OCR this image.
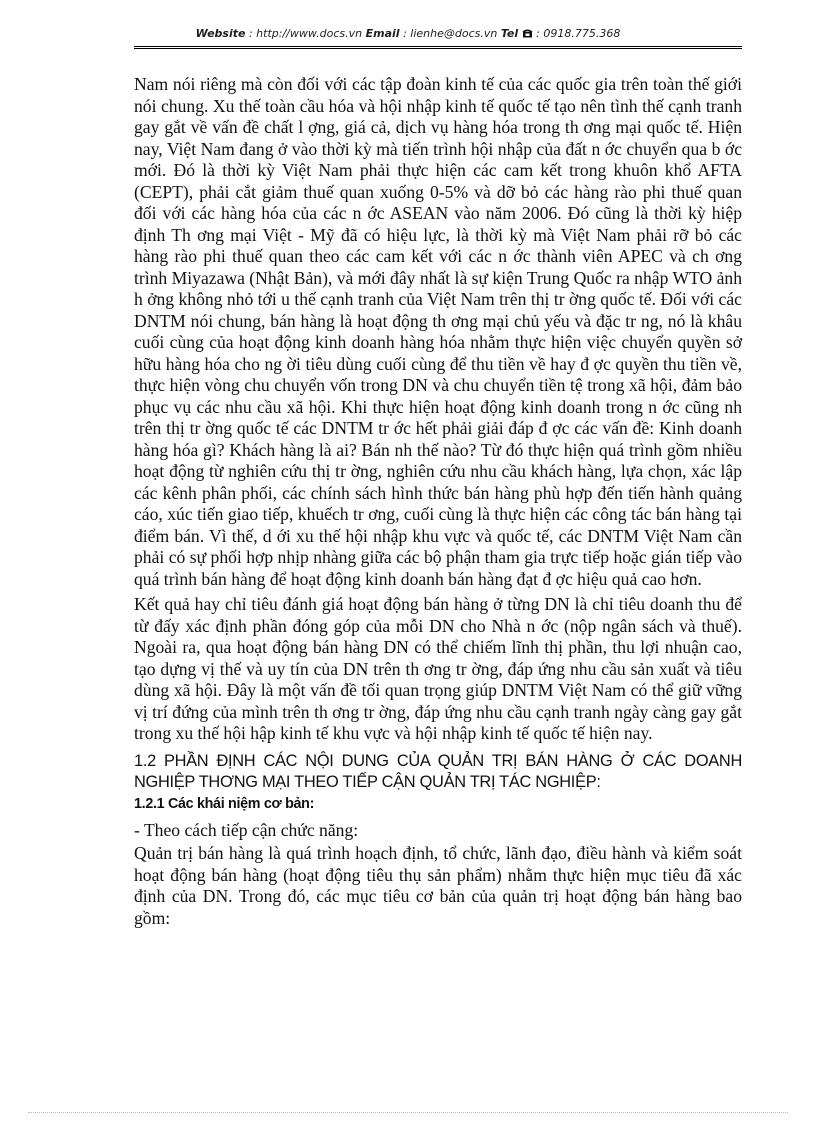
Website : http://www.docs.vn Email : lienhe@docs.vn Tel : 0918.775.368

Nam nói riêng mà còn đối với các tập đoàn kinh tế của các quốc gia trên toàn thế giới nói chung. Xu thế toàn cầu hóa và hội nhập kinh tế quốc tế tạo nên tình thế cạnh tranh gay gắt về vấn đề chất l ợng, giá cả, dịch vụ hàng hóa trong th ơng mại quốc tế. Hiện nay, Việt Nam đang ở vào thời kỳ mà tiến trình hội nhập của đất n ớc chuyển qua b ớc mới. Đó là thời kỳ Việt Nam phải thực hiện các cam kết trong khuôn khổ AFTA (CEPT), phải cắt giảm thuế quan xuống 0-5% và dỡ bỏ các hàng rào phi thuế quan đối với các hàng hóa của các n ớc ASEAN vào năm 2006. Đó cũng là thời kỳ hiệp định Th ơng mại Việt - Mỹ đã có hiệu lực, là thời kỳ mà Việt Nam phải rỡ bỏ các hàng rào phi thuế quan theo các cam kết với các n ớc thành viên APEC và ch ơng trình Miyazawa (Nhật Bản), và mới đây nhất là sự kiện Trung Quốc ra nhập WTO ảnh h ởng không nhỏ tới u thế cạnh tranh của Việt Nam trên thị tr ờng quốc tế. Đối với các DNTM nói chung, bán hàng là hoạt động th ơng mại chủ yếu và đặc tr ng, nó là khâu cuối cùng của hoạt động kinh doanh hàng hóa nhằm thực hiện việc chuyển quyền sở hữu hàng hóa cho ng ời tiêu dùng cuối cùng để thu tiền về hay đ ợc quyền thu tiền về, thực hiện vòng chu chuyển vốn trong DN và chu chuyển tiền tệ trong xã hội, đảm bảo phục vụ các nhu cầu xã hội. Khi thực hiện hoạt động kinh doanh trong n ớc cũng nh trên thị tr ờng quốc tế các DNTM tr ớc hết phải giải đáp đ ợc các vấn đề: Kinh doanh hàng hóa gì? Khách hàng là ai? Bán nh thế nào? Từ đó thực hiện quá trình gồm nhiều hoạt động từ nghiên cứu thị tr ờng, nghiên cứu nhu cầu khách hàng, lựa chọn, xác lập các kênh phân phối, các chính sách hình thức bán hàng phù hợp đến tiến hành quảng cáo, xúc tiến giao tiếp, khuếch tr ơng, cuối cùng là thực hiện các công tác bán hàng tại điểm bán. Vì thế, d ới xu thế hội nhập khu vực và quốc tế, các DNTM Việt Nam cần phải có sự phối hợp nhịp nhàng giữa các bộ phận tham gia trực tiếp hoặc gián tiếp vào quá trình bán hàng để hoạt động kinh doanh bán hàng đạt đ ợc hiệu quả cao hơn.

Kết quả hay chỉ tiêu đánh giá hoạt động bán hàng ở từng DN là chỉ tiêu doanh thu để từ đấy xác định phần đóng góp của mỗi DN cho Nhà n ớc (nộp ngân sách và thuế). Ngoài ra, qua hoạt động bán hàng DN có thể chiếm lĩnh thị phần, thu lợi nhuận cao, tạo dựng vị thế và uy tín của DN trên th ơng tr ờng, đáp ứng nhu cầu sản xuất và tiêu dùng xã hội. Đây là một vấn đề tối quan trọng giúp DNTM Việt Nam có thể giữ vững vị trí đứng của mình trên th ơng tr ờng, đáp ứng nhu cầu cạnh tranh ngày càng gay gắt trong xu thế hội hập kinh tế khu vực và hội nhập kinh tế quốc tế hiện nay.

1.2 PHẦN ĐỊNH CÁC NỘI DUNG CỦA QUẢN TRỊ BÁN HÀNG Ở CÁC DOANH NGHIỆP THƠNG MẠI THEO TIẾP CẬN QUẢN TRỊ TÁC NGHIỆP:
1.2.1 Các khái niệm cơ bản:

- Theo cách tiếp cận chức năng:

Quản trị bán hàng là quá trình hoạch định, tổ chức, lãnh đạo, điều hành và kiểm soát hoạt động bán hàng (hoạt động tiêu thụ sản phẩm) nhằm thực hiện mục tiêu đã xác định của DN. Trong đó, các mục tiêu cơ bản của quản trị hoạt động bán hàng bao gồm:
